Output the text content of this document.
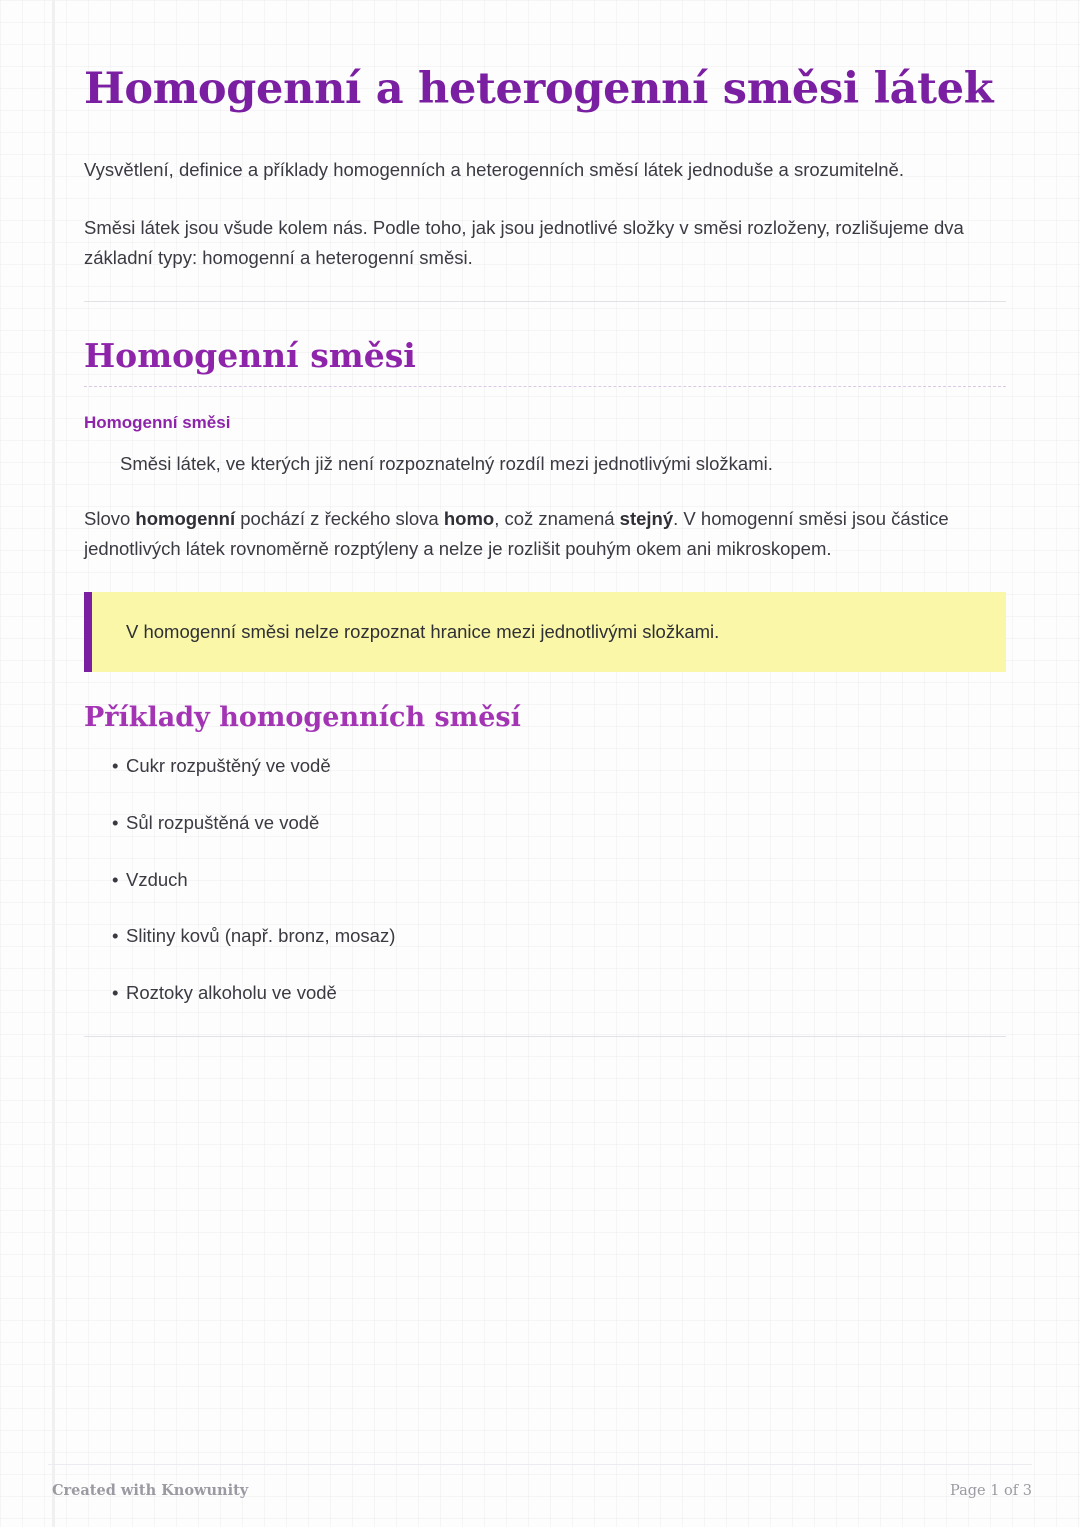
Homogenní a heterogenní směsi látek

Vysvětlení, definice a příklady homogenních a heterogenních směsí látek jednoduše a srozumitelně.

Směsi látek jsou všude kolem nás. Podle toho, jak jsou jednotlivé složky v směsi rozloženy, rozlišujeme dva základní typy: homogenní a heterogenní směsi.

Homogenní směsi
Homogenní směsi
Směsi látek, ve kterých již není rozpoznatelný rozdíl mezi jednotlivými složkami.

Slovo homogenní pochází z řeckého slova homo, což znamená stejný. V homogenní směsi jsou částice jednotlivých látek rovnoměrně rozptýleny a nelze je rozlišit pouhým okem ani mikroskopem.

V homogenní směsi nelze rozpoznat hranice mezi jednotlivými složkami.
Příklady homogenních směsí
• Cukr rozpuštěný ve vodě
• Sůl rozpuštěná ve vodě
• Vzduch
• Slitiny kovů (např. bronz, mosaz)
• Roztoky alkoholu ve vodě
Created with Knowunity	Page 1 of 3
